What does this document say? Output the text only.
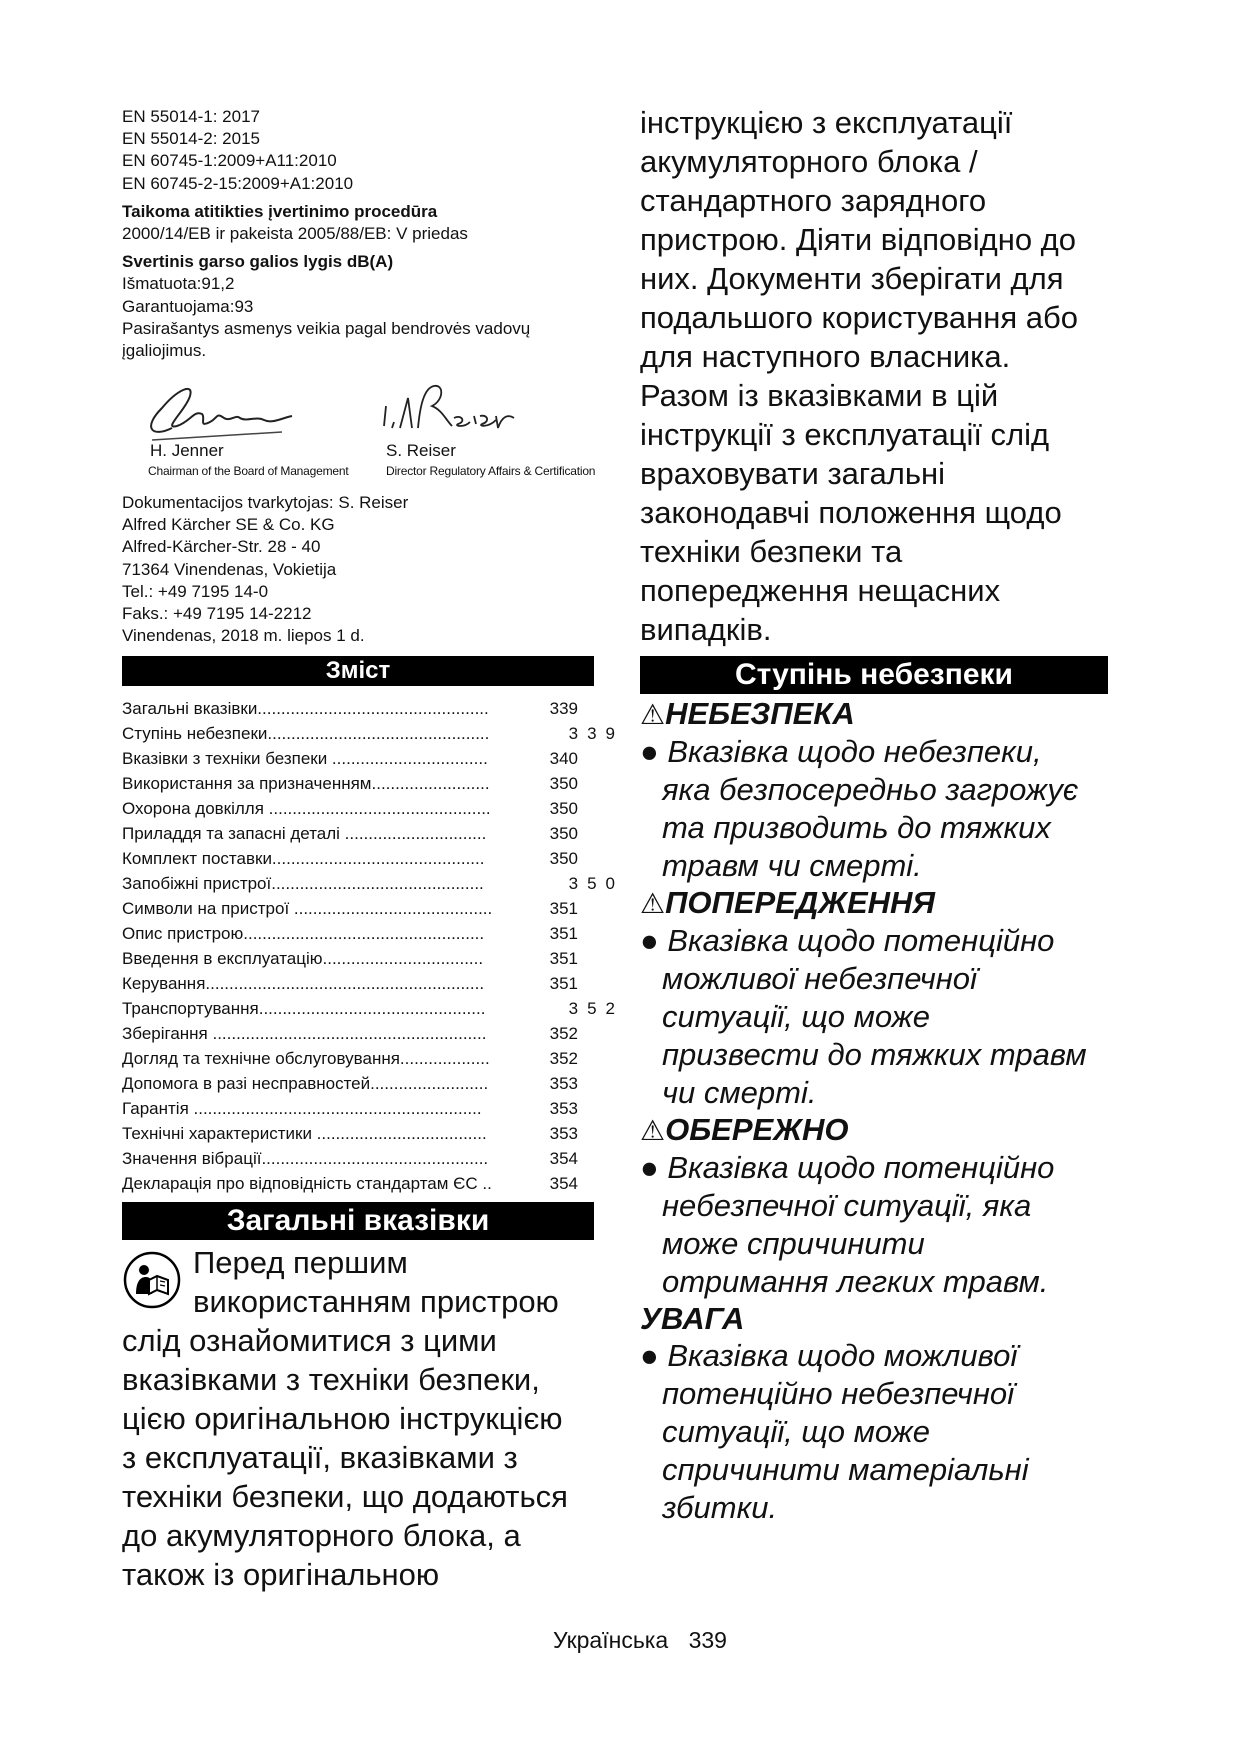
EN 55014-1: 2017
EN 55014-2: 2015
EN 60745-1:2009+A11:2010
EN 60745-2-15:2009+A1:2010
Taikoma atitikties įvertinimo procedūra
2000/14/EB ir pakeista 2005/88/EB: V priedas
Svertinis garso galios lygis dB(A)
Išmatuota:91,2
Garantuojama:93
Pasirašantys asmenys veikia pagal bendrovės vadovų
įgaliojimus.
H. Jenner
Chairman of the Board of Management
S. Reiser
Director Regulatory Affairs & Certification
Dokumentacijos tvarkytojas: S. Reiser
Alfred Kärcher SE & Co. KG
Alfred-Kärcher-Str. 28 - 40
71364 Vinendenas, Vokietija
Tel.: +49 7195 14-0
Faks.: +49 7195 14-2212
Vinendenas, 2018 m. liepos 1 d.
Зміст
Загальні вказівки.................................................	339
Ступінь небезпеки...............................................	339
Вказівки з техніки безпеки .................................	340
Використання за призначенням.........................	350
Охорона довкілля ...............................................	350
Приладдя та запасні деталі ..............................	350
Комплект поставки.............................................	350
Запобіжні пристрої.............................................	350
Символи на пристрої ..........................................	351
Опис пристрою...................................................	351
Введення в експлуатацію..................................	351
Керування...........................................................	351
Транспортування................................................	352
Зберігання ..........................................................	352
Догляд та технічне обслуговування...................	352
Допомога в разі несправностей.........................	353
Гарантія .............................................................	353
Технічні характеристики ....................................	353
Значення вібрації................................................	354
Декларація про відповідність стандартам ЄС ..	354
Загальні вказівки
Перед першим
використанням пристрою
слід ознайомитися з цими
вказівками з техніки безпеки,
цією оригінальною інструкцією
з експлуатації, вказівками з
техніки безпеки, що додаються
до акумуляторного блока, а
також із оригінальною
інструкцією з експлуатації
акумуляторного блока /
стандартного зарядного
пристрою. Діяти відповідно до
них. Документи зберігати для
подальшого користування або
для наступного власника.
Разом із вказівками в цій
інструкції з експлуатації слід
враховувати загальні
законодавчі положення щодо
техніки безпеки та
попередження нещасних
випадків.
Ступінь небезпеки
⚠НЕБЕЗПЕКА
● Вказівка щодо небезпеки,
яка безпосередньо загрожує
та призводить до тяжких
травм чи смерті.
⚠ПОПЕРЕДЖЕННЯ
● Вказівка щодо потенційно
можливої небезпечної
ситуації, що може
призвести до тяжких травм
чи смерті.
⚠ОБЕРЕЖНО
● Вказівка щодо потенційно
небезпечної ситуації, яка
може спричинити
отримання легких травм.
УВАГА
● Вказівка щодо можливої
потенційно небезпечної
ситуації, що може
спричинити матеріальні
збитки.
Українська 339
